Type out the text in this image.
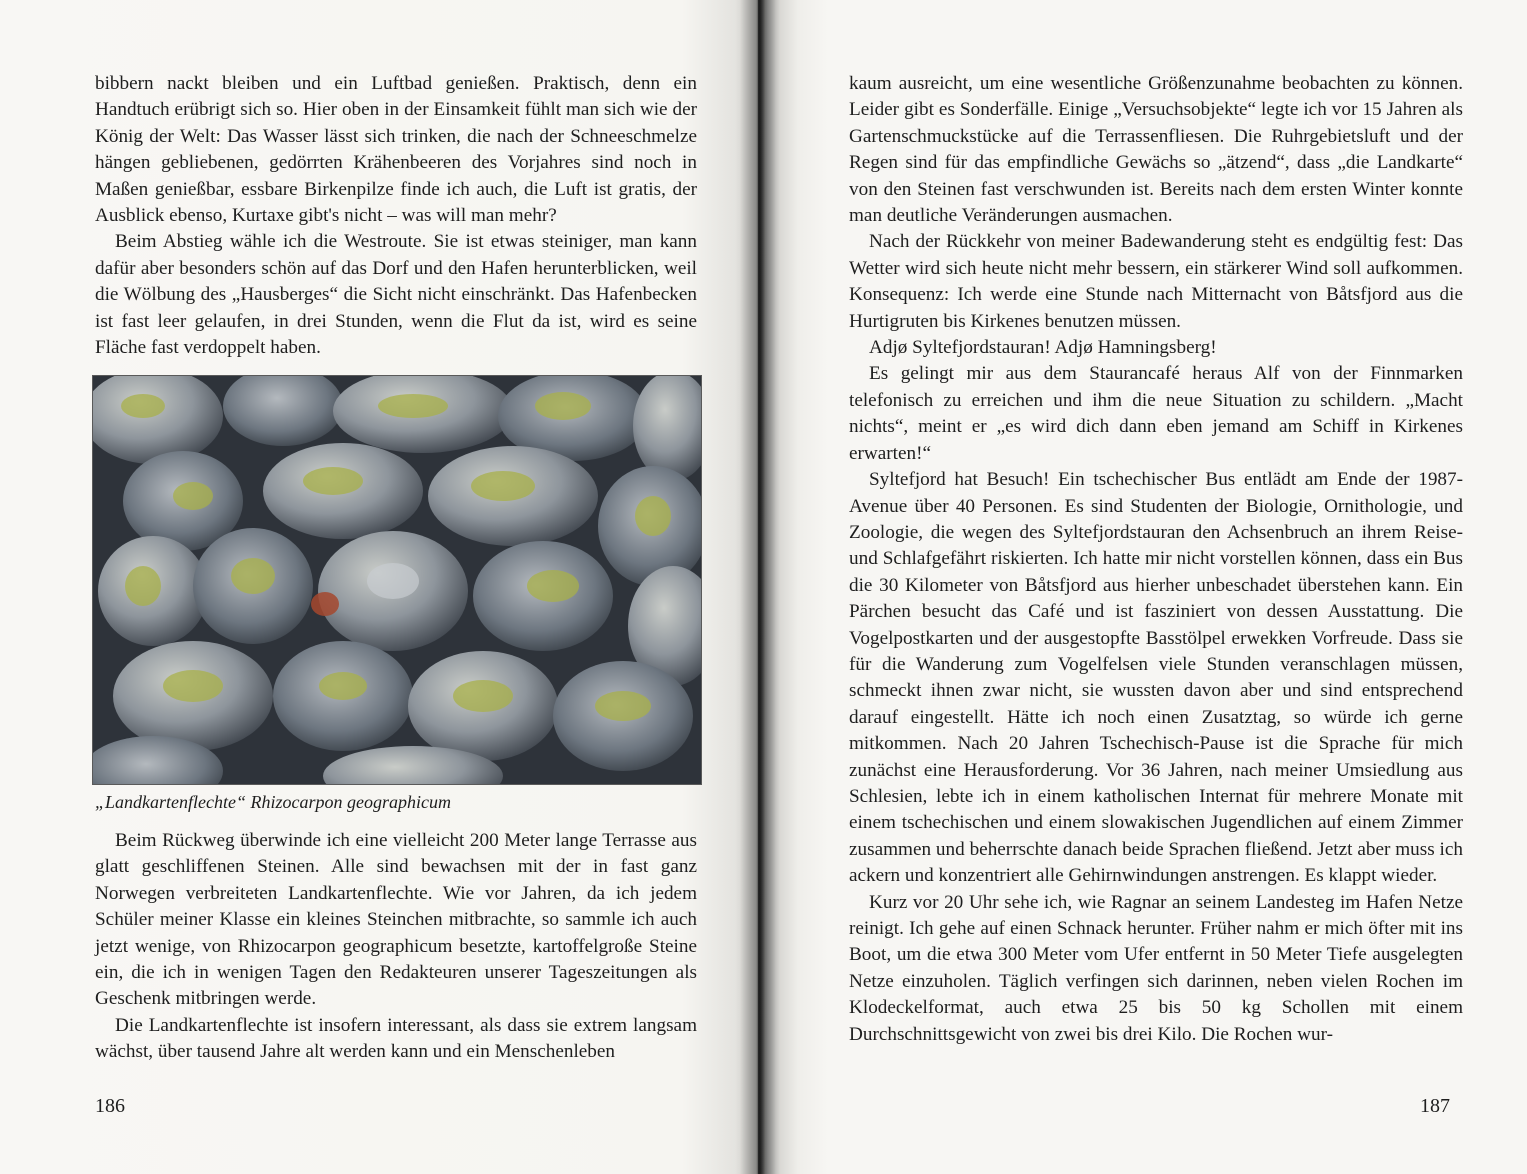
bibbern nackt bleiben und ein Luftbad genießen. Praktisch, denn ein Handtuch erübrigt sich so. Hier oben in der Einsamkeit fühlt man sich wie der König der Welt: Das Wasser lässt sich trinken, die nach der Schneeschmelze hängen gebliebenen, gedörrten Krähenbeeren des Vorjahres sind noch in Maßen genießbar, essbare Birkenpilze finde ich auch, die Luft ist gratis, der Ausblick ebenso, Kurtaxe gibt's nicht – was will man mehr?

Beim Abstieg wähle ich die Westroute. Sie ist etwas steiniger, man kann dafür aber besonders schön auf das Dorf und den Hafen herunterblicken, weil die Wölbung des „Hausberges“ die Sicht nicht einschränkt. Das Hafenbecken ist fast leer gelaufen, in drei Stunden, wenn die Flut da ist, wird es seine Fläche fast verdoppelt haben.

„Landkartenflechte“ Rhizocarpon geographicum

Beim Rückweg überwinde ich eine vielleicht 200 Meter lange Terrasse aus glatt geschliffenen Steinen. Alle sind bewachsen mit der in fast ganz Norwegen verbreiteten Landkartenflechte. Wie vor Jahren, da ich jedem Schüler meiner Klasse ein kleines Steinchen mitbrachte, so sammle ich auch jetzt wenige, von Rhizocarpon geographicum besetzte, kartoffelgroße Steine ein, die ich in wenigen Tagen den Redakteuren unserer Tageszeitungen als Geschenk mitbringen werde.

Die Landkartenflechte ist insofern interessant, als dass sie extrem langsam wächst, über tausend Jahre alt werden kann und ein Menschenleben

186

kaum ausreicht, um eine wesentliche Größenzunahme beobachten zu können. Leider gibt es Sonderfälle. Einige „Versuchsobjekte“ legte ich vor 15 Jahren als Gartenschmuckstücke auf die Terrassenfliesen. Die Ruhrgebietsluft und der Regen sind für das empfindliche Gewächs so „ätzend“, dass „die Landkarte“ von den Steinen fast verschwunden ist. Bereits nach dem ersten Winter konnte man deutliche Veränderungen ausmachen.

Nach der Rückkehr von meiner Badewanderung steht es endgültig fest: Das Wetter wird sich heute nicht mehr bessern, ein stärkerer Wind soll aufkommen. Konsequenz: Ich werde eine Stunde nach Mitternacht von Båtsfjord aus die Hurtigruten bis Kirkenes benutzen müssen.

Adjø Syltefjordstauran! Adjø Hamningsberg!

Es gelingt mir aus dem Staurancafé heraus Alf von der Finnmarken telefonisch zu erreichen und ihm die neue Situation zu schildern. „Macht nichts“, meint er „es wird dich dann eben jemand am Schiff in Kirkenes erwarten!“

Syltefjord hat Besuch! Ein tschechischer Bus entlädt am Ende der 1987-Avenue über 40 Personen. Es sind Studenten der Biologie, Ornithologie, und Zoologie, die wegen des Syltefjordstauran den Achsenbruch an ihrem Reise- und Schlafgefährt riskierten. Ich hatte mir nicht vorstellen können, dass ein Bus die 30 Kilometer von Båtsfjord aus hierher unbeschadet überstehen kann. Ein Pärchen besucht das Café und ist fasziniert von dessen Ausstattung. Die Vogelpostkarten und der ausgestopfte Basstölpel erwekken Vorfreude. Dass sie für die Wanderung zum Vogelfelsen viele Stunden veranschlagen müssen, schmeckt ihnen zwar nicht, sie wussten davon aber und sind entsprechend darauf eingestellt. Hätte ich noch einen Zusatztag, so würde ich gerne mitkommen. Nach 20 Jahren Tschechisch-Pause ist die Sprache für mich zunächst eine Herausforderung. Vor 36 Jahren, nach meiner Umsiedlung aus Schlesien, lebte ich in einem katholischen Internat für mehrere Monate mit einem tschechischen und einem slowakischen Jugendlichen auf einem Zimmer zusammen und beherrschte danach beide Sprachen fließend. Jetzt aber muss ich ackern und konzentriert alle Gehirnwindungen anstrengen. Es klappt wieder.

Kurz vor 20 Uhr sehe ich, wie Ragnar an seinem Landesteg im Hafen Netze reinigt. Ich gehe auf einen Schnack herunter. Früher nahm er mich öfter mit ins Boot, um die etwa 300 Meter vom Ufer entfernt in 50 Meter Tiefe ausgelegten Netze einzuholen. Täglich verfingen sich darinnen, neben vielen Rochen im Klodeckelformat, auch etwa 25 bis 50 kg Schollen mit einem Durchschnittsgewicht von zwei bis drei Kilo. Die Rochen wur-

187
